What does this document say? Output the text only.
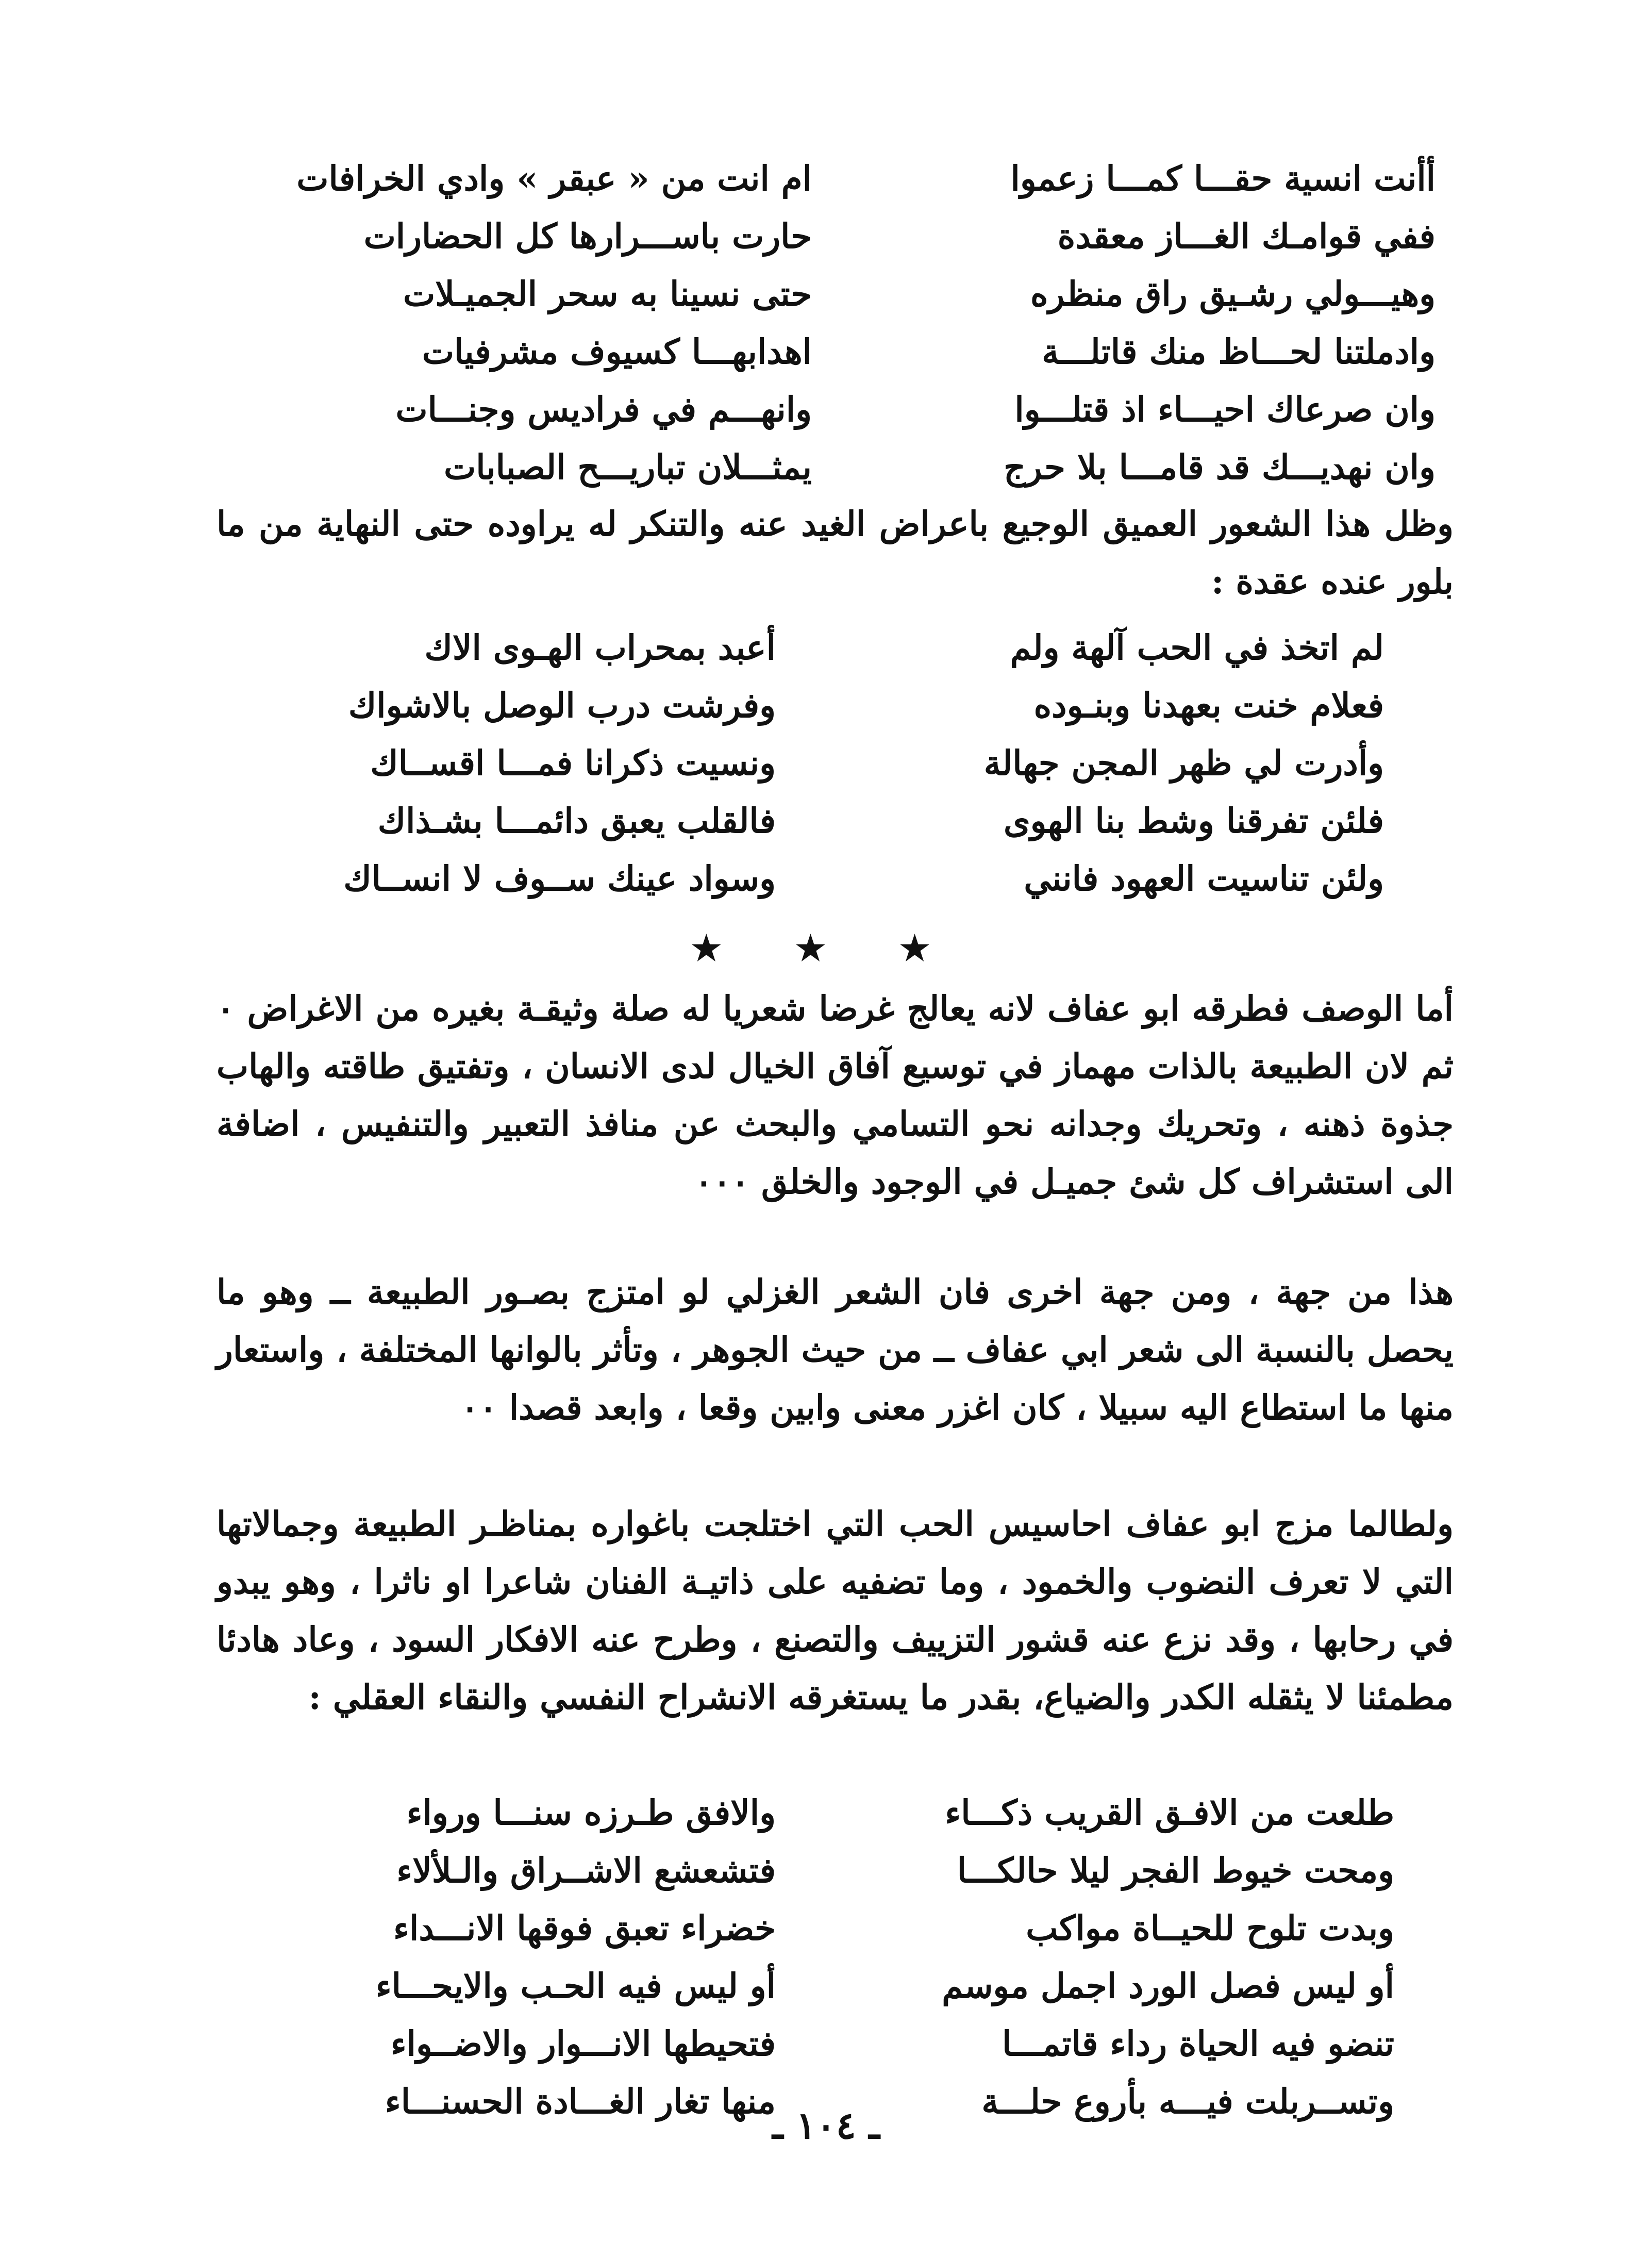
أأنت انسية حقـــا كمـــا زعموا
ام انت من « عبقر » وادي الخرافات
ففي قوامـك الغـــاز معقدة
حارت باســـرارها كل الحضارات
وهيـــولي رشـيق راق منظره
حتى نسينا به سحر الجميـلات
وادملتنا لحـــاظ منك قاتلـــة
اهدابهـــا كسيوف مشرفيات
وان صرعاك احيـــاء اذ قتلـــوا
وانهـــم في فراديس وجنـــات
وان نهديـــك قد قامـــا بلا حرج
يمثـــلان تباريـــح الصبابات
وظل هذا الشعور العميق الوجيع باعراض الغيد عنه والتنكر له يراوده حتى النهاية من ما بلور عنده عقدة :
لم اتخذ في الحب آلهة ولم
أعبد بمحراب الهـوى الاك
فعلام خنت بعهدنا وبنـوده
وفرشت درب الوصل بالاشواك
وأدرت لي ظهر المجن جهالة
ونسيت ذكرانا فمـــا اقســاك
فلئن تفرقنا وشط بنا الهوى
فالقلب يعبق دائمـــا بشـذاك
ولئن تناسيت العهود فانني
وسواد عينك ســوف لا انســاك
★ ★ ★
أما الوصف فطرقه ابو عفاف لانه يعالج غرضا شعريا له صلة وثيقـة بغيره من الاغراض ٠ ثم لان الطبيعة بالذات مهماز في توسيع آفاق الخيال لدى الانسان ، وتفتيق طاقته والهاب جذوة ذهنه ، وتحريك وجدانه نحو التسامي والبحث عن منافذ التعبير والتنفيس ، اضافة الى استشراف كل شئ جميـل في الوجود والخلق ٠٠٠
هذا من جهة ، ومن جهة اخرى فان الشعر الغزلي لو امتزج بصـور الطبيعة ــ وهو ما يحصل بالنسبة الى شعر ابي عفاف ــ من حيث الجوهر ، وتأثر بالوانها المختلفة ، واستعار منها ما استطاع اليه سبيلا ، كان اغزر معنى وابين وقعا ، وابعد قصدا ٠٠
ولطالما مزج ابو عفاف احاسيس الحب التي اختلجت باغواره بمناظـر الطبيعة وجمالاتها التي لا تعرف النضوب والخمود ، وما تضفيه على ذاتيـة الفنان شاعرا او ناثرا ، وهو يبدو في رحابها ، وقد نزع عنه قشور التزييف والتصنع ، وطرح عنه الافكار السود ، وعاد هادئا مطمئنا لا يثقله الكدر والضياع، بقدر ما يستغرقه الانشراح النفسي والنقاء العقلي :
طلعت من الافـق القريب ذكـــاء
والافق طـرزه سنـــا ورواء
ومحت خيوط الفجر ليلا حالكـــا
فتشعشع الاشــراق والـلألاء
وبدت تلوح للحيــاة مواكب
خضراء تعبق فوقها الانـــداء
أو ليس فصل الورد اجمل موسم
أو ليس فيه الحـب والايحـــاء
تنضو فيه الحياة رداء قاتمـــا
فتحيطها الانـــوار والاضــواء
وتســربلت فيـــه بأروع حلـــة
منها تغار الغـــادة الحسنـــاء
ـ ١٠٤ ـ
